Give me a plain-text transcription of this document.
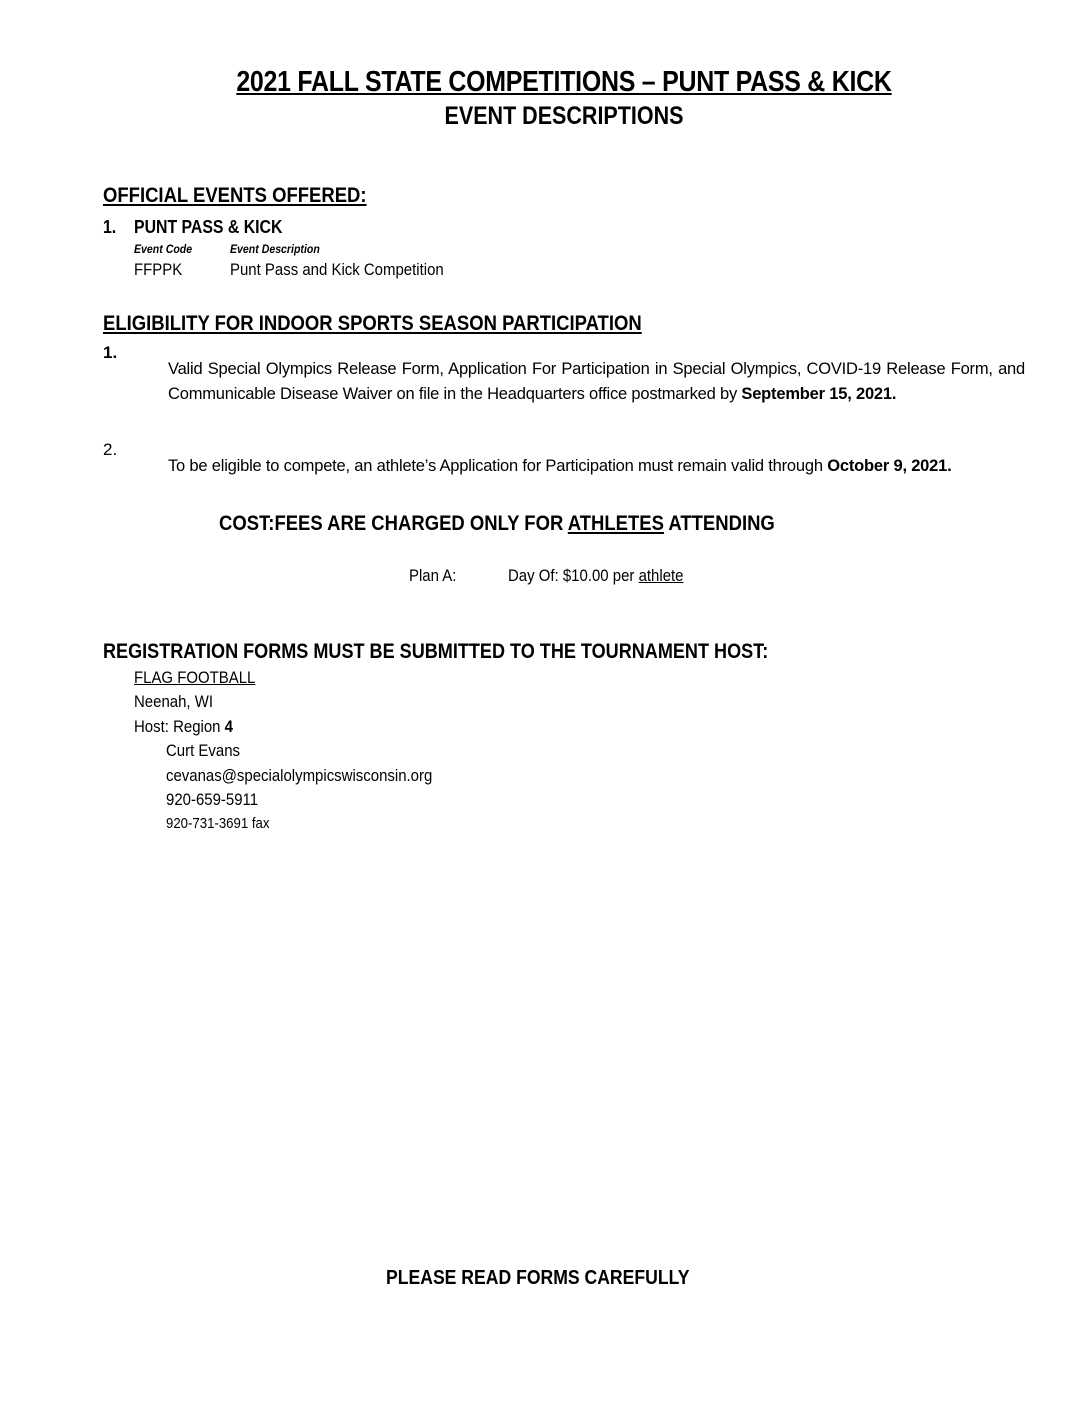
2021 FALL STATE COMPETITIONS – PUNT PASS & KICK
EVENT DESCRIPTIONS
OFFICIAL EVENTS OFFERED:
1. PUNT PASS & KICK
Event Code	Event Description
FFPPK	Punt Pass and Kick Competition
ELIGIBILITY FOR INDOOR SPORTS SEASON PARTICIPATION
1.

Valid Special Olympics Release Form, Application For Participation in Special Olympics, COVID-19 Release Form, and Communicable Disease Waiver on file in the Headquarters office postmarked by September 15, 2021.

2.

To be eligible to compete, an athlete’s Application for Participation must remain valid through October 9, 2021.

COST:FEES ARE CHARGED ONLY FOR ATHLETES ATTENDING
Plan A:	Day Of: $10.00 per athlete
REGISTRATION FORMS MUST BE SUBMITTED TO THE TOURNAMENT HOST:
FLAG FOOTBALL
Neenah, WI
Host: Region 4
Curt Evans
cevanas@specialolympicswisconsin.org
920-659-5911
920-731-3691 fax
PLEASE READ FORMS CAREFULLY
